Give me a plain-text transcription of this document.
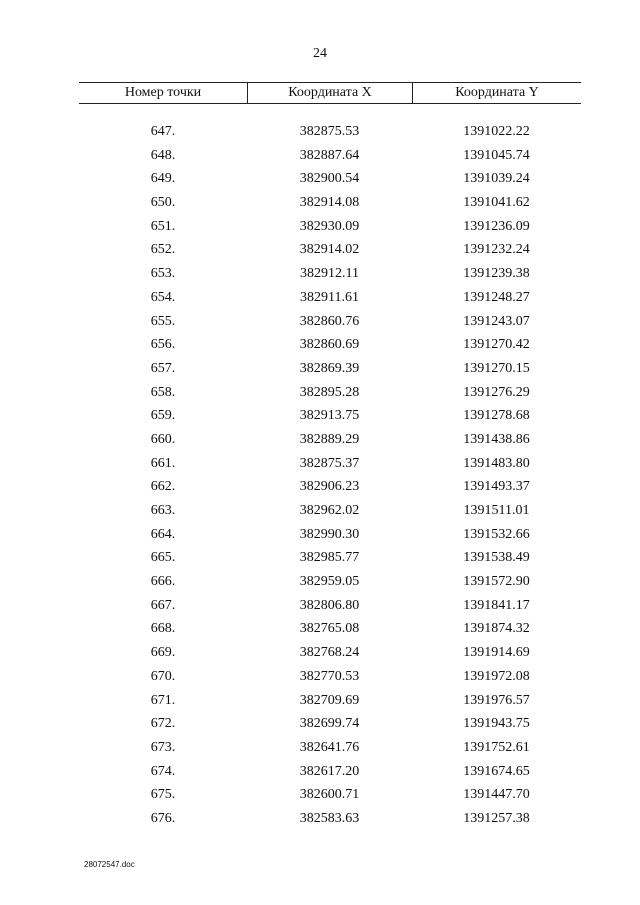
24
Номер точки	Координата X	Координата Y
647.	382875.53	1391022.22
648.	382887.64	1391045.74
649.	382900.54	1391039.24
650.	382914.08	1391041.62
651.	382930.09	1391236.09
652.	382914.02	1391232.24
653.	382912.11	1391239.38
654.	382911.61	1391248.27
655.	382860.76	1391243.07
656.	382860.69	1391270.42
657.	382869.39	1391270.15
658.	382895.28	1391276.29
659.	382913.75	1391278.68
660.	382889.29	1391438.86
661.	382875.37	1391483.80
662.	382906.23	1391493.37
663.	382962.02	1391511.01
664.	382990.30	1391532.66
665.	382985.77	1391538.49
666.	382959.05	1391572.90
667.	382806.80	1391841.17
668.	382765.08	1391874.32
669.	382768.24	1391914.69
670.	382770.53	1391972.08
671.	382709.69	1391976.57
672.	382699.74	1391943.75
673.	382641.76	1391752.61
674.	382617.20	1391674.65
675.	382600.71	1391447.70
676.	382583.63	1391257.38
28072547.doc
